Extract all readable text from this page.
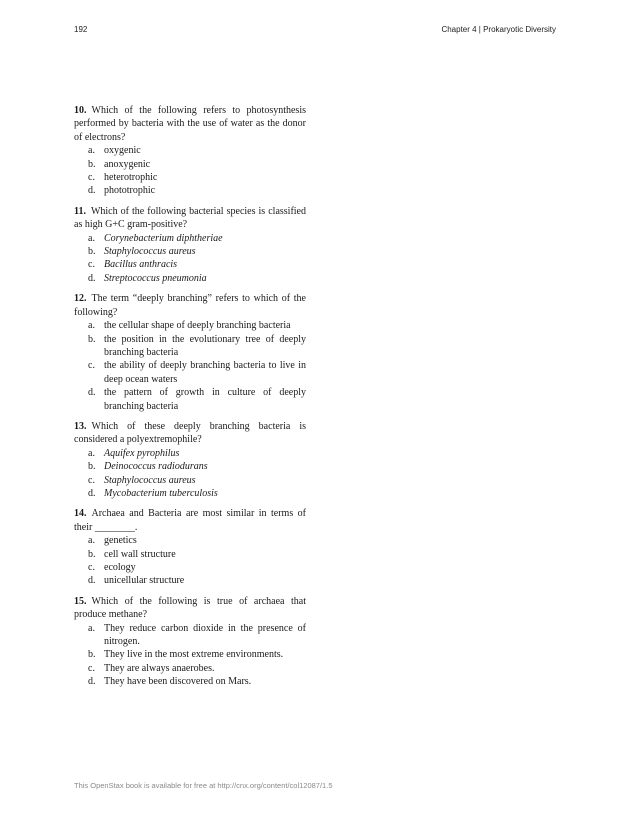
192	Chapter 4 | Prokaryotic Diversity

10. Which of the following refers to photosynthesis performed by bacteria with the use of water as the donor of electrons?

a. oxygenic
b. anoxygenic
c. heterotrophic
d. phototrophic

11. Which of the following bacterial species is classified as high G+C gram-positive?

a. Corynebacterium diphtheriae
b. Staphylococcus aureus
c. Bacillus anthracis
d. Streptococcus pneumonia

12. The term “deeply branching” refers to which of the following?

a. the cellular shape of deeply branching bacteria
b. the position in the evolutionary tree of deeply branching bacteria
c. the ability of deeply branching bacteria to live in deep ocean waters
d. the pattern of growth in culture of deeply branching bacteria

13. Which of these deeply branching bacteria is considered a polyextremophile?

a. Aquifex pyrophilus
b. Deinococcus radiodurans
c. Staphylococcus aureus
d. Mycobacterium tuberculosis

14. Archaea and Bacteria are most similar in terms of their ________.

a. genetics
b. cell wall structure
c. ecology
d. unicellular structure

15. Which of the following is true of archaea that produce methane?

a. They reduce carbon dioxide in the presence of nitrogen.
b. They live in the most extreme environments.
c. They are always anaerobes.
d. They have been discovered on Mars.
This OpenStax book is available for free at http://cnx.org/content/col12087/1.5
